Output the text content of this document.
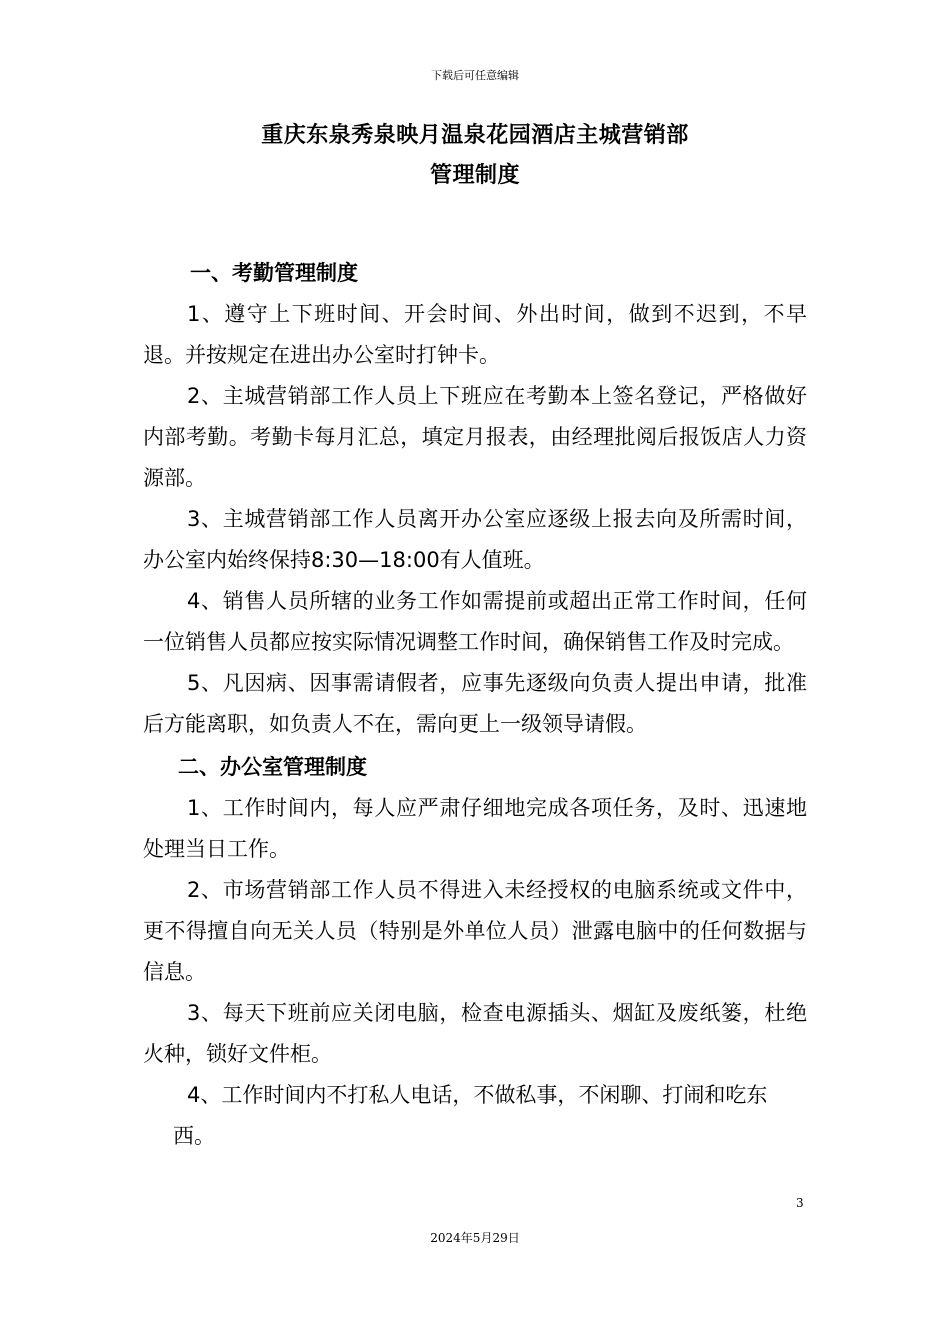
下载后可任意编辑
重庆东泉秀泉映月温泉花园酒店主城营销部
管理制度

一、考勤管理制度

1、遵守上下班时间、开会时间、外出时间，做到不迟到，不早退。并按规定在进出办公室时打钟卡。

2、主城营销部工作人员上下班应在考勤本上签名登记，严格做好内部考勤。考勤卡每月汇总，填定月报表，由经理批阅后报饭店人力资源部。

3、主城营销部工作人员离开办公室应逐级上报去向及所需时间，办公室内始终保持8:30—18:00有人值班。

4、销售人员所辖的业务工作如需提前或超出正常工作时间，任何一位销售人员都应按实际情况调整工作时间，确保销售工作及时完成。

5、凡因病、因事需请假者，应事先逐级向负责人提出申请，批准后方能离职，如负责人不在，需向更上一级领导请假。

二、办公室管理制度

1、工作时间内，每人应严肃仔细地完成各项任务，及时、迅速地处理当日工作。

2、市场营销部工作人员不得进入未经授权的电脑系统或文件中，更不得擅自向无关人员（特别是外单位人员）泄露电脑中的任何数据与信息。

3、每天下班前应关闭电脑，检查电源插头、烟缸及废纸篓，杜绝火种，锁好文件柜。

4、工作时间内不打私人电话，不做私事，不闲聊、打闹和吃东

西。

3
2024年5月29日
